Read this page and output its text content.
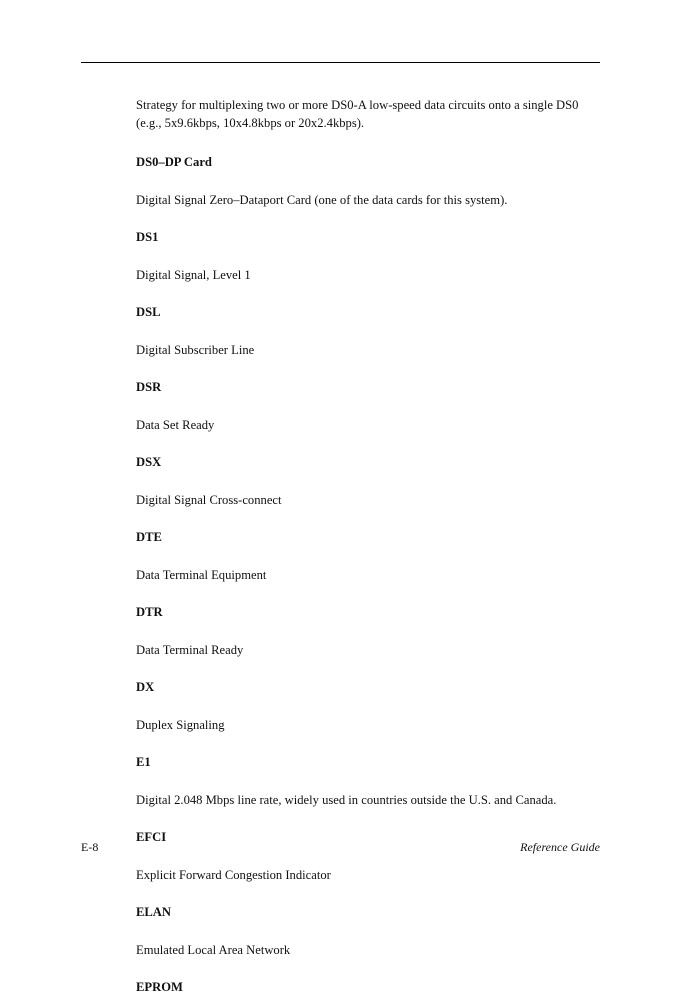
Strategy for multiplexing two or more DS0-A low-speed data circuits onto a single DS0 (e.g., 5x9.6kbps, 10x4.8kbps or 20x2.4kbps).

DS0–DP Card

Digital Signal Zero–Dataport Card (one of the data cards for this system).

DS1

Digital Signal, Level 1

DSL

Digital Subscriber Line

DSR

Data Set Ready

DSX

Digital Signal Cross-connect

DTE

Data Terminal Equipment

DTR

Data Terminal Ready

DX

Duplex Signaling

E1

Digital 2.048 Mbps line rate, widely used in countries outside the U.S. and Canada.

EFCI

Explicit Forward Congestion Indicator

ELAN

Emulated Local Area Network

EPROM

E-8	Reference Guide
